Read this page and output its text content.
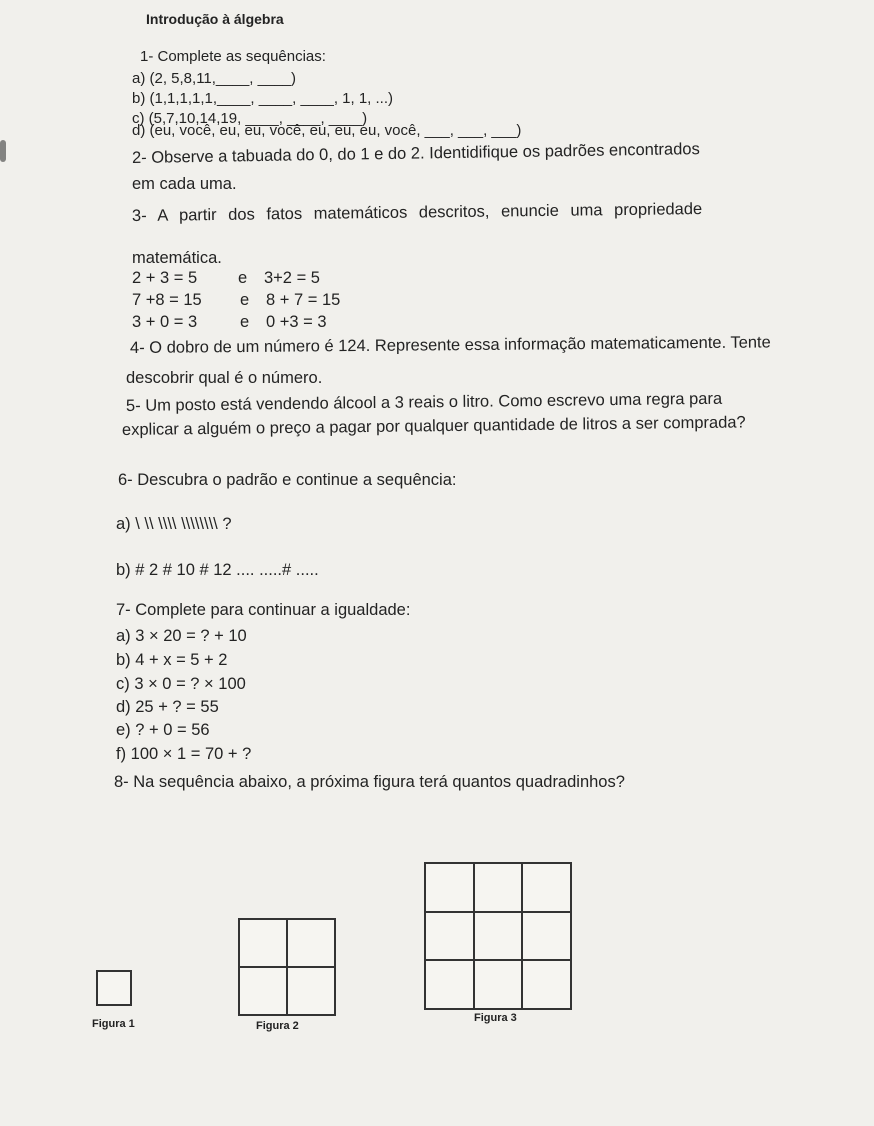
Introdução à álgebra
1- Complete as sequências:
a) (2, 5,8,11,____, ____)
b) (1,1,1,1,1,____, ____, ____, 1, 1, ...)
c) (5,7,10,14,19, ____, ____, ____)
d) (eu, você, eu, eu, você, eu, eu, eu, você, ___, ___, ___)
2- Observe a tabuada do 0, do 1 e do 2. Identidifique os padrões encontrados
em cada uma.
3- A partir dos fatos matemáticos descritos, enuncie uma propriedade
matemática.
2 + 3 = 5 e 3+2 = 5
7 +8 = 15 e 8 + 7 = 15
3 + 0 = 3	e 0 +3 = 3
4- O dobro de um número é 124. Represente essa informação matematicamente. Tente
descobrir qual é o número.
5- Um posto está vendendo álcool a 3 reais o litro. Como escrevo uma regra para
explicar a alguém o preço a pagar por qualquer quantidade de litros a ser comprada?
6- Descubra o padrão e continue a sequência:
a) \ \\ \\\\ \\\\\\\\ ?
b) # 2 # 10 # 12 .... .....# .....
7- Complete para continuar a igualdade:
a) 3 × 20 = ? + 10
b) 4 + x = 5 + 2
c) 3 × 0 = ? × 100
d) 25 + ? = 55
e) ? + 0 = 56
f) 100 × 1 = 70 + ?
8- Na sequência abaixo, a próxima figura terá quantos quadradinhos?
Figura 1	Figura 2
Figura 3
